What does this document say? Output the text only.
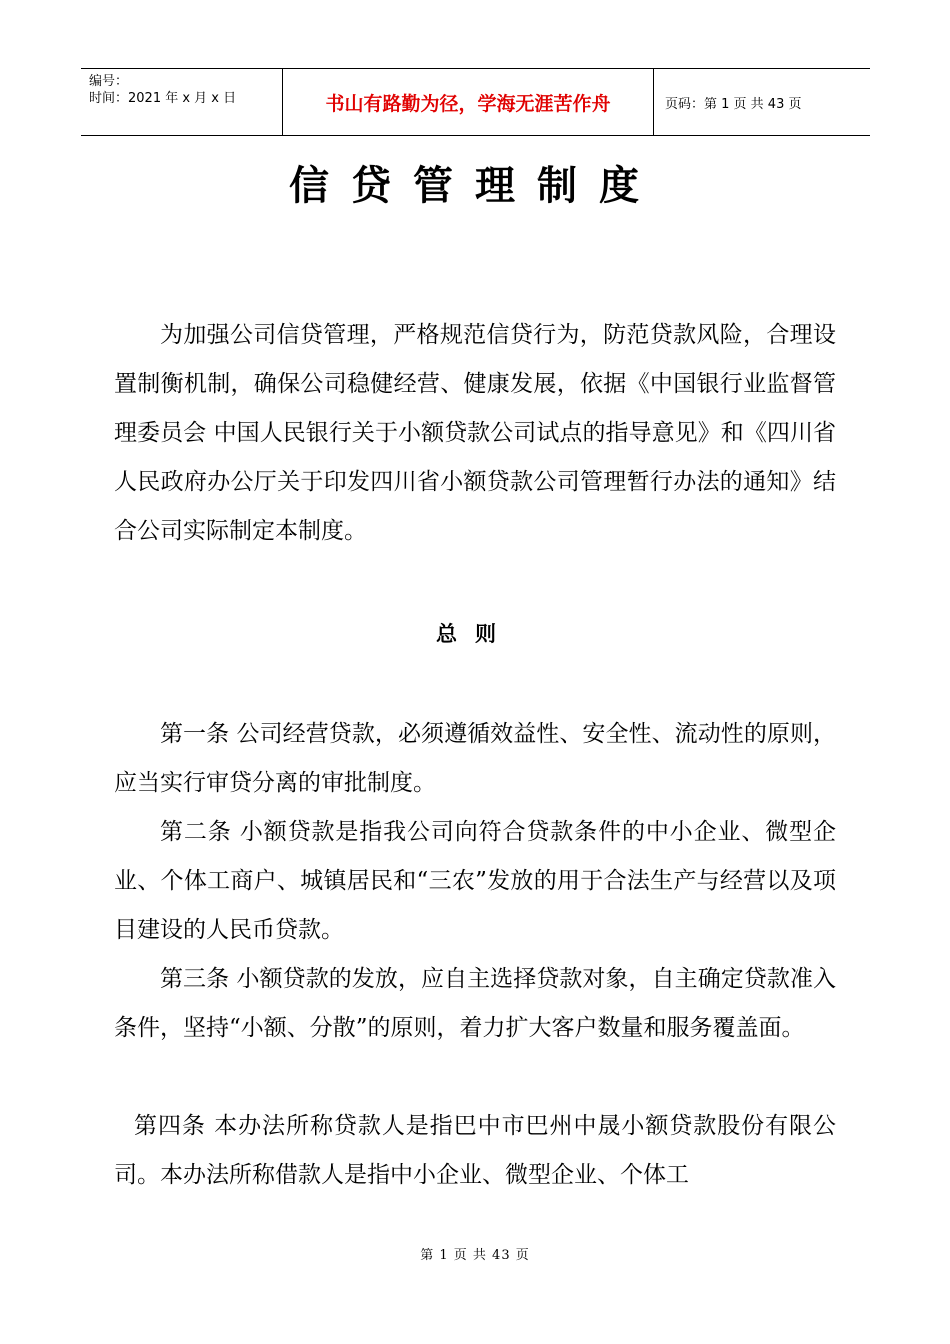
编号：
时间：2021 年 x 月 x 日	书山有路勤为径，学海无涯苦作舟	页码：第 1 页 共 43 页
信贷管理制度
为加强公司信贷管理，严格规范信贷行为，防范贷款风险，合理设置制衡机制，确保公司稳健经营、健康发展，依据《中国银行业监督管理委员会 中国人民银行关于小额贷款公司试点的指导意见》和《四川省人民政府办公厅关于印发四川省小额贷款公司管理暂行办法的通知》结合公司实际制定本制度。
总则
第一条 公司经营贷款，必须遵循效益性、安全性、流动性的原则，应当实行审贷分离的审批制度。
第二条 小额贷款是指我公司向符合贷款条件的中小企业、微型企业、个体工商户、城镇居民和“三农”发放的用于合法生产与经营以及项目建设的人民币贷款。
第三条 小额贷款的发放，应自主选择贷款对象，自主确定贷款准入条件，坚持“小额、分散”的原则，着力扩大客户数量和服务覆盖面。
第四条 本办法所称贷款人是指巴中市巴州中晟小额贷款股份有限公司。本办法所称借款人是指中小企业、微型企业、个体工
第 1 页 共 43 页
